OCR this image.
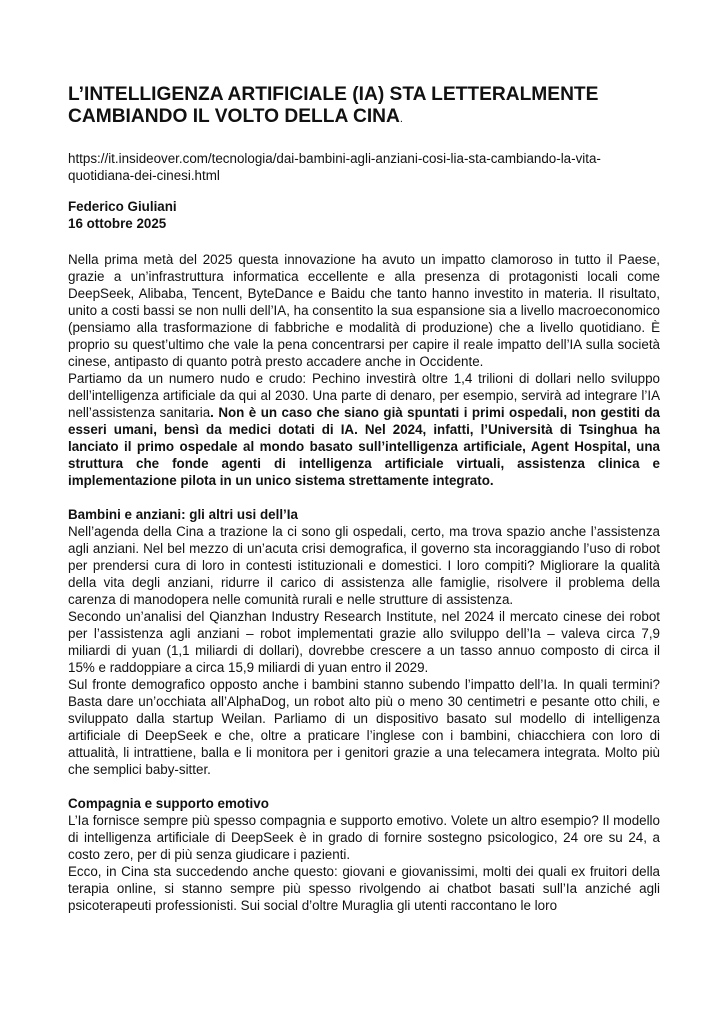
L’INTELLIGENZA ARTIFICIALE (IA) STA LETTERALMENTE CAMBIANDO IL VOLTO DELLA CINA.
https://it.insideover.com/tecnologia/dai-bambini-agli-anziani-cosi-lia-sta-cambiando-la-vita-quotidiana-dei-cinesi.html
Federico Giuliani
16 ottobre 2025

Nella prima metà del 2025 questa innovazione ha avuto un impatto clamoroso in tutto il Paese, grazie a un’infrastruttura informatica eccellente e alla presenza di protagonisti locali come DeepSeek, Alibaba, Tencent, ByteDance e Baidu che tanto hanno investito in materia. Il risultato, unito a costi bassi se non nulli dell’IA, ha consentito la sua espansione sia a livello macroeconomico (pensiamo alla trasformazione di fabbriche e modalità di produzione) che a livello quotidiano. È proprio su quest’ultimo che vale la pena concentrarsi per capire il reale impatto dell’IA sulla società cinese, antipasto di quanto potrà presto accadere anche in Occidente.

Partiamo da un numero nudo e crudo: Pechino investirà oltre 1,4 trilioni di dollari nello sviluppo dell’intelligenza artificiale da qui al 2030. Una parte di denaro, per esempio, servirà ad integrare l’IA nell’assistenza sanitaria. Non è un caso che siano già spuntati i primi ospedali, non gestiti da esseri umani, bensì da medici dotati di IA. Nel 2024, infatti, l’Università di Tsinghua ha lanciato il primo ospedale al mondo basato sull’intelligenza artificiale, Agent Hospital, una struttura che fonde agenti di intelligenza artificiale virtuali, assistenza clinica e implementazione pilota in un unico sistema strettamente integrato.

Bambini e anziani: gli altri usi dell’Ia

Nell’agenda della Cina a trazione la ci sono gli ospedali, certo, ma trova spazio anche l’assistenza agli anziani. Nel bel mezzo di un’acuta crisi demografica, il governo sta incoraggiando l’uso di robot per prendersi cura di loro in contesti istituzionali e domestici. I loro compiti? Migliorare la qualità della vita degli anziani, ridurre il carico di assistenza alle famiglie, risolvere il problema della carenza di manodopera nelle comunità rurali e nelle strutture di assistenza.

Secondo un’analisi del Qianzhan Industry Research Institute, nel 2024 il mercato cinese dei robot per l’assistenza agli anziani – robot implementati grazie allo sviluppo dell’Ia – valeva circa 7,9 miliardi di yuan (1,1 miliardi di dollari), dovrebbe crescere a un tasso annuo composto di circa il 15% e raddoppiare a circa 15,9 miliardi di yuan entro il 2029.

Sul fronte demografico opposto anche i bambini stanno subendo l’impatto dell’Ia. In quali termini? Basta dare un’occhiata all’AlphaDog, un robot alto più o meno 30 centimetri e pesante otto chili, e sviluppato dalla startup Weilan. Parliamo di un dispositivo basato sul modello di intelligenza artificiale di DeepSeek e che, oltre a praticare l’inglese con i bambini, chiacchiera con loro di attualità, li intrattiene, balla e li monitora per i genitori grazie a una telecamera integrata. Molto più che semplici baby-sitter.

Compagnia e supporto emotivo

L’Ia fornisce sempre più spesso compagnia e supporto emotivo. Volete un altro esempio? Il modello di intelligenza artificiale di DeepSeek è in grado di fornire sostegno psicologico, 24 ore su 24, a costo zero, per di più senza giudicare i pazienti.

Ecco, in Cina sta succedendo anche questo: giovani e giovanissimi, molti dei quali ex fruitori della terapia online, si stanno sempre più spesso rivolgendo ai chatbot basati sull’Ia anziché agli psicoterapeuti professionisti. Sui social d’oltre Muraglia gli utenti raccontano le loro
